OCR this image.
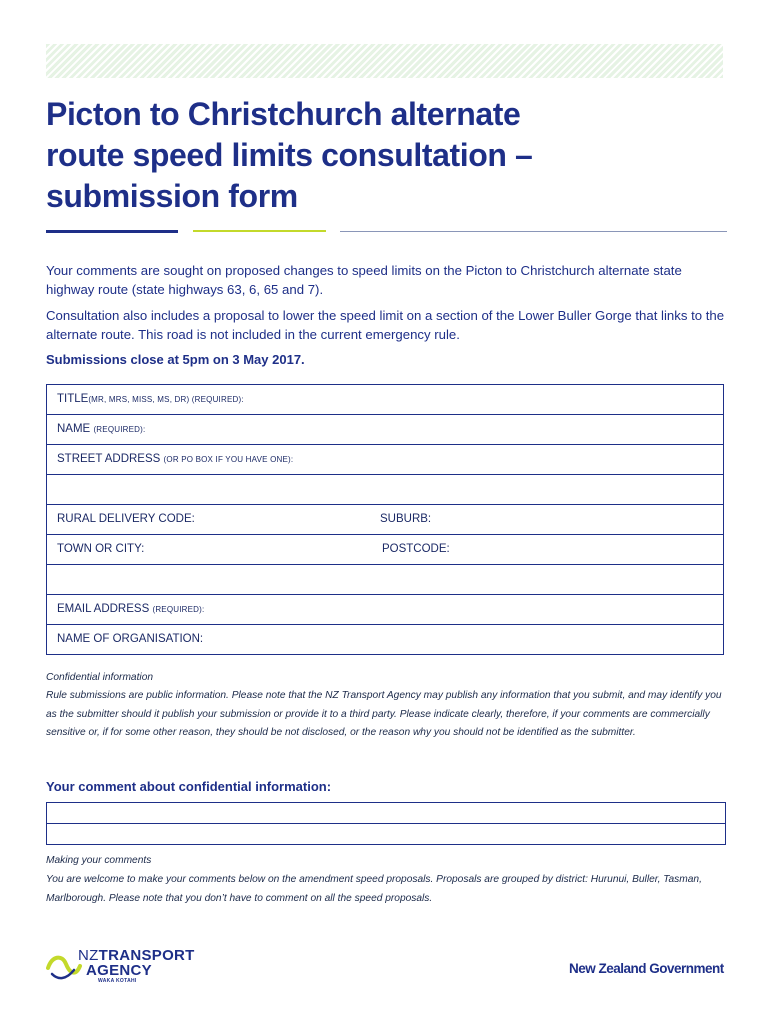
Picton to Christchurch alternate
route speed limits consultation –
submission form

Your comments are sought on proposed changes to speed limits on the Picton to Christchurch alternate state highway route (state highways 63, 6, 65 and 7).

Consultation also includes a proposal to lower the speed limit on a section of the Lower Buller Gorge that links to the alternate route. This road is not included in the current emergency rule.

Submissions close at 5pm on 3 May 2017.

TITLE(MR, MRS, MISS, MS, DR) (REQUIRED):
NAME (REQUIRED):
STREET ADDRESS (OR PO BOX IF YOU HAVE ONE):
RURAL DELIVERY CODE:	SUBURB:
TOWN OR CITY:	POSTCODE:
EMAIL ADDRESS (REQUIRED):
NAME OF ORGANISATION:

Confidential information

Rule submissions are public information. Please note that the NZ Transport Agency may publish any information that you submit, and may identify you as the submitter should it publish your submission or provide it to a third party. Please indicate clearly, therefore, if your comments are commercially sensitive or, if for some other reason, they should be not disclosed, or the reason why you should not be identified as the submitter.

Your comment about confidential information:

Making your comments

You are welcome to make your comments below on the amendment speed proposals. Proposals are grouped by district: Hurunui, Buller, Tasman, Marlborough. Please note that you don’t have to comment on all the speed proposals.

NZTRANSPORT
AGENCY
WAKA KOTAHI
New Zealand Government
